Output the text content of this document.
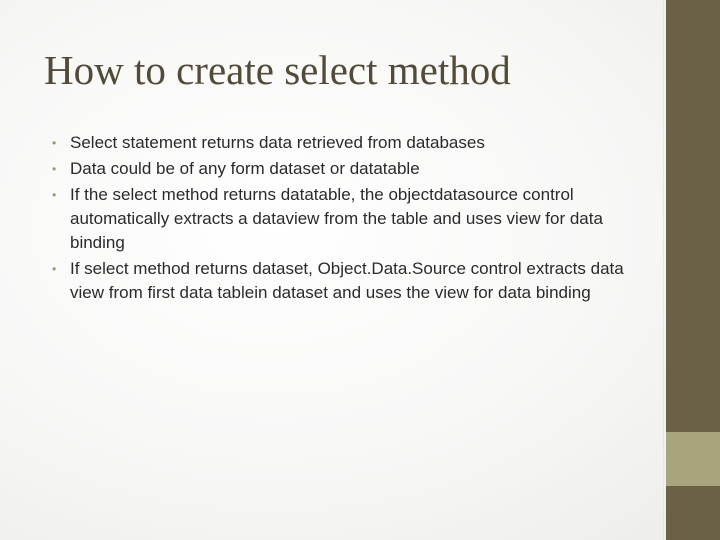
How to create select method
• Select statement returns data retrieved from databases
• Data could be of any form dataset or datatable
• If the select method returns datatable, the objectdatasource control automatically extracts a dataview from the table and uses view for data binding
• If select method returns dataset, Object.Data.Source control extracts data view from first data tablein dataset and uses the view for data binding
